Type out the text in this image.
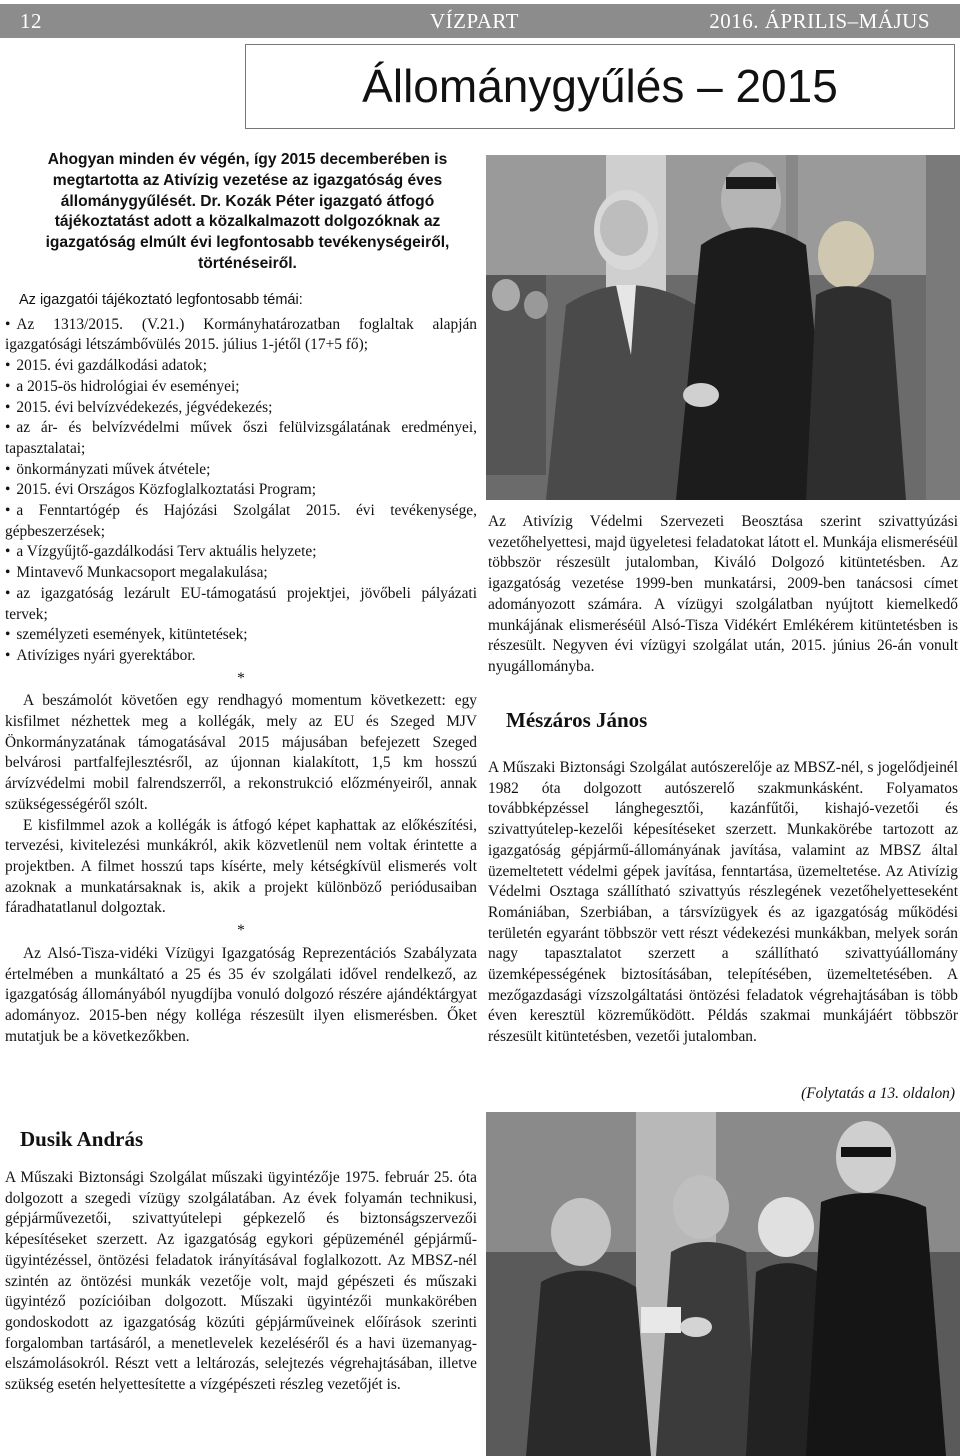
12	VÍZPART	2016. ÁPRILIS–MÁJUS
Állománygyűlés – 2015

Ahogyan minden év végén, így 2015 decemberében is megtartotta az Ativízig vezetése az igazgatóság éves állománygyűlését. Dr. Kozák Péter igazgató átfogó tájékoztatást adott a közalkalmazott dolgozóknak az igazgatóság elmúlt évi legfontosabb tevékenységeiről, történéseiről.

Az igazgatói tájékoztató legfontosabb témái:

• Az 1313/2015. (V.21.) Kormányhatározatban foglaltak alapján igazgatósági létszámbővülés 2015. július 1-jétől (17+5 fő);

• 2015. évi gazdálkodási adatok;

• a 2015-ös hidrológiai év eseményei;

• 2015. évi belvízvédekezés, jégvédekezés;

• az ár- és belvízvédelmi művek őszi felülvizsgálatának eredményei, tapasztalatai;

• önkormányzati művek átvétele;

• 2015. évi Országos Közfoglalkoztatási Program;

• a Fenntartógép és Hajózási Szolgálat 2015. évi tevékenysége, gépbeszerzések;

• a Vízgyűjtő-gazdálkodási Terv aktuális helyzete;

• Mintavevő Munkacsoport megalakulása;

• az igazgatóság lezárult EU-támogatású projektjei, jövőbeli pályázati tervek;

• személyzeti események, kitüntetések;

• Ativíziges nyári gyerektábor.

*

A beszámolót követően egy rendhagyó momentum következett: egy kisfilmet nézhettek meg a kollégák, mely az EU és Szeged MJV Önkormányzatának támogatásával 2015 májusában befejezett Szeged belvárosi partfalfejlesztésről, az újonnan kialakított, 1,5 km hosszú árvízvédelmi mobil falrendszerről, a rekonstrukció előzményeiről, annak szükségességéről szólt.

E kisfilmmel azok a kollégák is átfogó képet kaphattak az előkészítési, tervezési, kivitelezési munkákról, akik közvetlenül nem voltak érintette a projektben. A filmet hosszú taps kísérte, mely kétségkívül elismerés volt azoknak a munkatársaknak is, akik a projekt különböző periódusaiban fáradhatatlanul dolgoztak.

*

Az Alsó-Tisza-vidéki Vízügyi Igazgatóság Reprezentációs Szabályzata értelmében a munkáltató a 25 és 35 év szolgálati idővel rendelkező, az igazgatóság állományából nyugdíjba vonuló dolgozó részére ajándéktárgyat adományoz. 2015-ben négy kolléga részesült ilyen elismerésben. Őket mutatjuk be a következőkben.

Dusik András

A Műszaki Biztonsági Szolgálat műszaki ügyintézője 1975. február 25. óta dolgozott a szegedi vízügy szolgálatában. Az évek folyamán technikusi, gépjárművezetői, szivattyútelepi gépkezelő és biztonságszervezői képesítéseket szerzett. Az igazgatóság egykori gépüzeménél gépjármű-ügyintézéssel, öntözési feladatok irányításával foglalkozott. Az MBSZ-nél szintén az öntözési munkák vezetője volt, majd gépészeti és műszaki ügyintéző pozícióiban dolgozott. Műszaki ügyintézői munkakörében gondoskodott az igazgatóság közúti gépjárműveinek előírások szerinti forgalomban tartásáról, a menetlevelek kezeléséről és a havi üzemanyag-elszámolásokról. Részt vett a leltározás, selejtezés végrehajtásában, illetve szükség esetén helyettesítette a vízgépészeti részleg vezetőjét is.

Az Ativízig Védelmi Szervezeti Beosztása szerint szivattyúzási vezetőhelyettesi, majd ügyeletesi feladatokat látott el. Munkája elismeréséül többször részesült jutalomban, Kiváló Dolgozó kitüntetésben. Az igazgatóság vezetése 1999-ben munkatársi, 2009-ben tanácsosi címet adományozott számára. A vízügyi szolgálatban nyújtott kiemelkedő munkájának elismeréséül Alsó-Tisza Vidékért Emlékérem kitüntetésben is részesült. Negyven évi vízügyi szolgálat után, 2015. június 26-án vonult nyugállományba.

Mészáros János

A Műszaki Biztonsági Szolgálat autószerelője az MBSZ-nél, s jogelődjeinél 1982 óta dolgozott autószerelő szakmunkásként. Folyamatos továbbképzéssel lánghegesztői, kazánfűtői, kishajó-vezetői és szivattyútelep-kezelői képesítéseket szerzett. Munkakörébe tartozott az igazgatóság gépjármű-állományának javítása, valamint az MBSZ által üzemeltetett védelmi gépek javítása, fenntartása, üzemeltetése. Az Ativízig Védelmi Osztaga szállítható szivattyús részlegének vezetőhelyetteseként Romániában, Szerbiában, a társvízügyek és az igazgatóság működési területén egyaránt többször vett részt védekezési munkákban, melyek során nagy tapasztalatot szerzett a szállítható szivattyúállomány üzemképességének biztosításában, telepítésében, üzemeltetésében. A mezőgazdasági vízszolgáltatási öntözési feladatok végrehajtásában is több éven keresztül közreműködött. Példás szakmai munkájáért többször részesült kitüntetésben, vezetői jutalomban.

(Folytatás a 13. oldalon)
